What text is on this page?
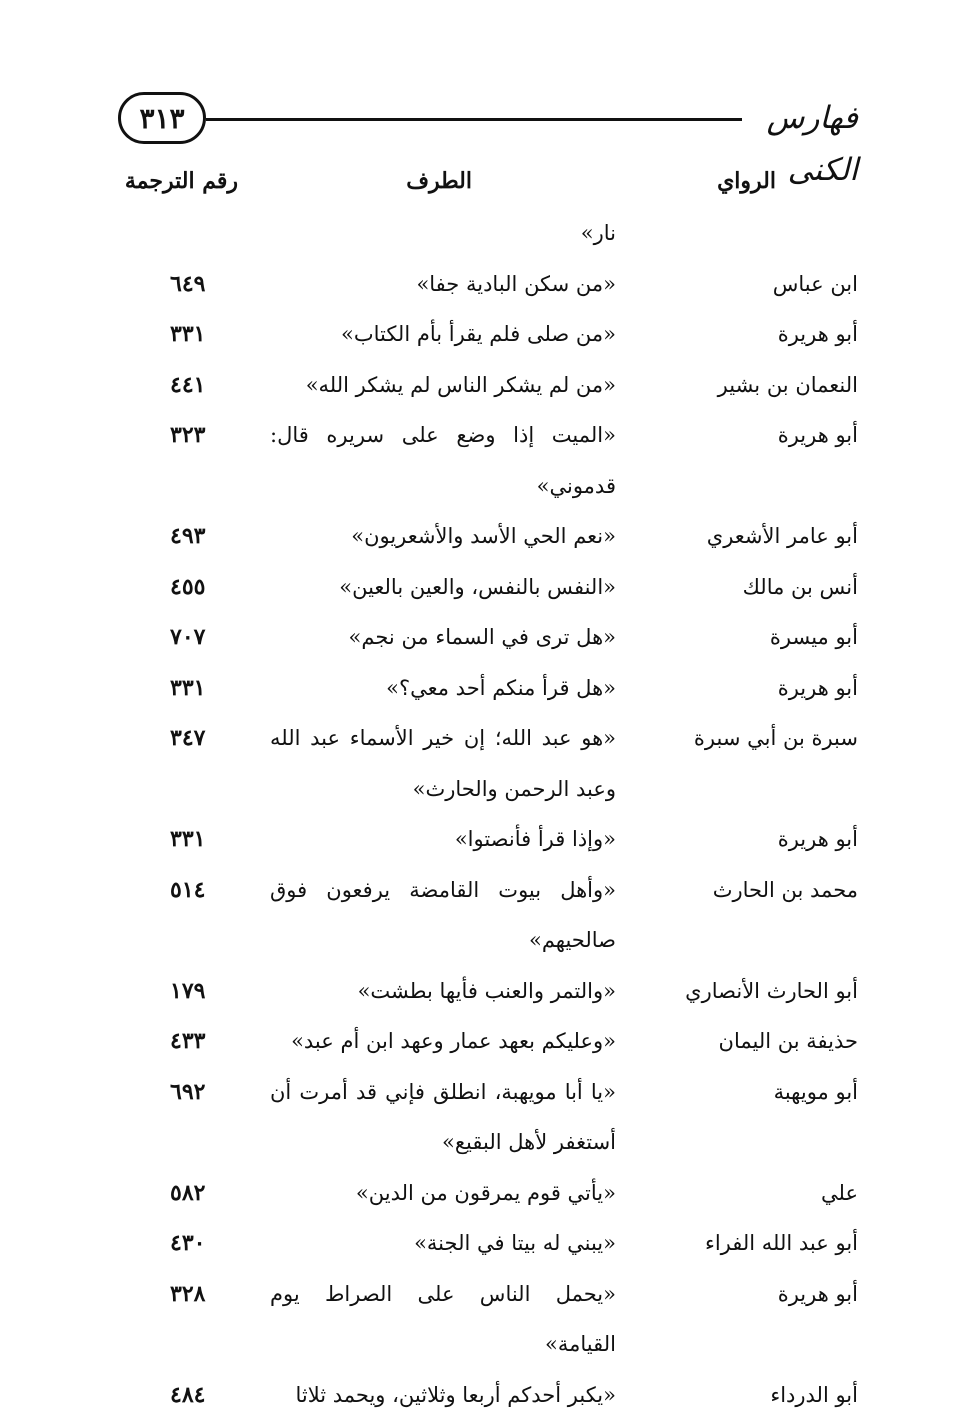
٣١٣	فهارس الكنى
الرواي
الطرف
رقم الترجمة
نار»
ابن عباس
«من سكن البادية جفا»
٦٤٩
أبو هريرة
«من صلى فلم يقرأ بأم الكتاب»
٣٣١
النعمان بن بشير
«من لم يشكر الناس لم يشكر الله»
٤٤١
أبو هريرة
«الميت إذا وضع على سريره قال: قدموني»
٣٢٣
أبو عامر الأشعري
«نعم الحي الأسد والأشعريون»
٤٩٣
أنس بن مالك
«النفس بالنفس، والعين بالعين»
٤٥٥
أبو ميسرة
«هل ترى في السماء من نجم»
٧٠٧
أبو هريرة
«هل قرأ منكم أحد معي؟»
٣٣١
سبرة بن أبي سبرة
«هو عبد الله؛ إن خير الأسماء عبد الله وعبد الرحمن والحارث»
٣٤٧
أبو هريرة
«وإذا قرأ فأنصتوا»
٣٣١
محمد بن الحارث
«وأهل بيوت القامضة يرفعون فوق صالحيهم»
٥١٤
أبو الحارث الأنصاري
«والتمر والعنب فأيها بطشت»
١٧٩
حذيفة بن اليمان
«وعليكم بعهد عمار وعهد ابن أم عبد»
٤٣٣
أبو مويهبة
«يا أبا مويهبة، انطلق فإني قد أمرت أن أستغفر لأهل البقيع»
٦٩٢
علي
«يأتي قوم يمرقون من الدين»
٥٨٢
أبو عبد الله الفراء
«يبني له بيتا في الجنة»
٤٣٠
أبو هريرة
«يحمل الناس على الصراط يوم القيامة»
٣٢٨
أبو الدرداء
«يكبر أحدكم أربعا وثلاثين، ويحمد ثلاثا
٤٨٤
